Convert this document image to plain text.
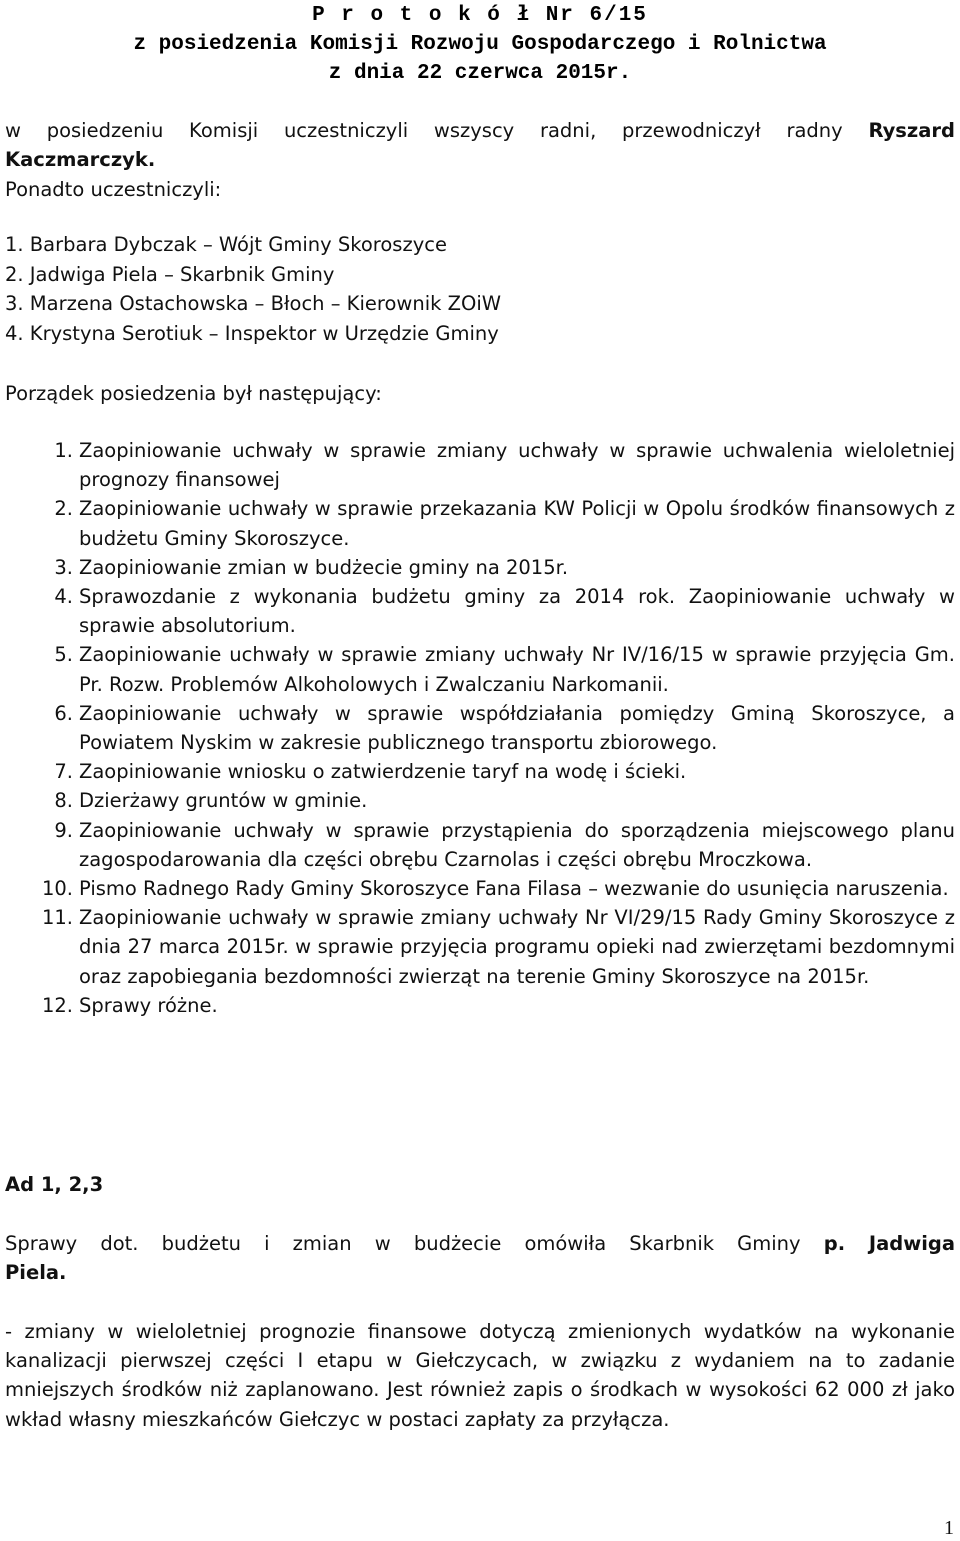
P r o t o k ó ł Nr 6/15
z posiedzenia Komisji Rozwoju Gospodarczego i Rolnictwa
z dnia 22 czerwca 2015r.
w posiedzeniu Komisji uczestniczyli wszyscy radni, przewodniczył radny Ryszard
Kaczmarczyk.
Ponadto uczestniczyli:
1. Barbara Dybczak – Wójt Gminy Skoroszyce
2. Jadwiga Piela – Skarbnik Gminy
3. Marzena Ostachowska – Błoch – Kierownik ZOiW
4. Krystyna Serotiuk – Inspektor w Urzędzie Gminy
Porządek posiedzenia był następujący:
1. Zaopiniowanie uchwały w sprawie zmiany uchwały w sprawie uchwalenia wieloletniej prognozy finansowej
2. Zaopiniowanie uchwały w sprawie przekazania KW Policji w Opolu środków finansowych z budżetu Gminy Skoroszyce.
3. Zaopiniowanie zmian w budżecie gminy na 2015r.
4. Sprawozdanie z wykonania budżetu gminy za 2014 rok. Zaopiniowanie uchwały w sprawie absolutorium.
5. Zaopiniowanie uchwały w sprawie zmiany uchwały Nr IV/16/15 w sprawie przyjęcia Gm. Pr. Rozw. Problemów Alkoholowych i Zwalczaniu Narkomanii.
6. Zaopiniowanie uchwały w sprawie współdziałania pomiędzy Gminą Skoroszyce, a Powiatem Nyskim w zakresie publicznego transportu zbiorowego.
7. Zaopiniowanie wniosku o zatwierdzenie taryf na wodę i ścieki.
8. Dzierżawy gruntów w gminie.
9. Zaopiniowanie uchwały w sprawie przystąpienia do sporządzenia miejscowego planu zagospodarowania dla części obrębu Czarnolas i części obrębu Mroczkowa.
10. Pismo Radnego Rady Gminy Skoroszyce Fana Filasa – wezwanie do usunięcia naruszenia.
11. Zaopiniowanie uchwały w sprawie zmiany uchwały Nr VI/29/15 Rady Gminy Skoroszyce z dnia 27 marca 2015r. w sprawie przyjęcia programu opieki nad zwierzętami bezdomnymi oraz zapobiegania bezdomności zwierząt na terenie Gminy Skoroszyce na 2015r.
12. Sprawy różne.
Ad 1, 2,3
Sprawy dot. budżetu i zmian w budżecie omówiła Skarbnik Gminy p. Jadwiga
Piela.
- zmiany w wieloletniej prognozie finansowe dotyczą zmienionych wydatków na wykonanie kanalizacji pierwszej części I etapu w Giełczycach, w związku z wydaniem na to zadanie mniejszych środków niż zaplanowano. Jest również zapis o środkach w wysokości 62 000 zł jako wkład własny mieszkańców Giełczyc w postaci zapłaty za przyłącza.
1
